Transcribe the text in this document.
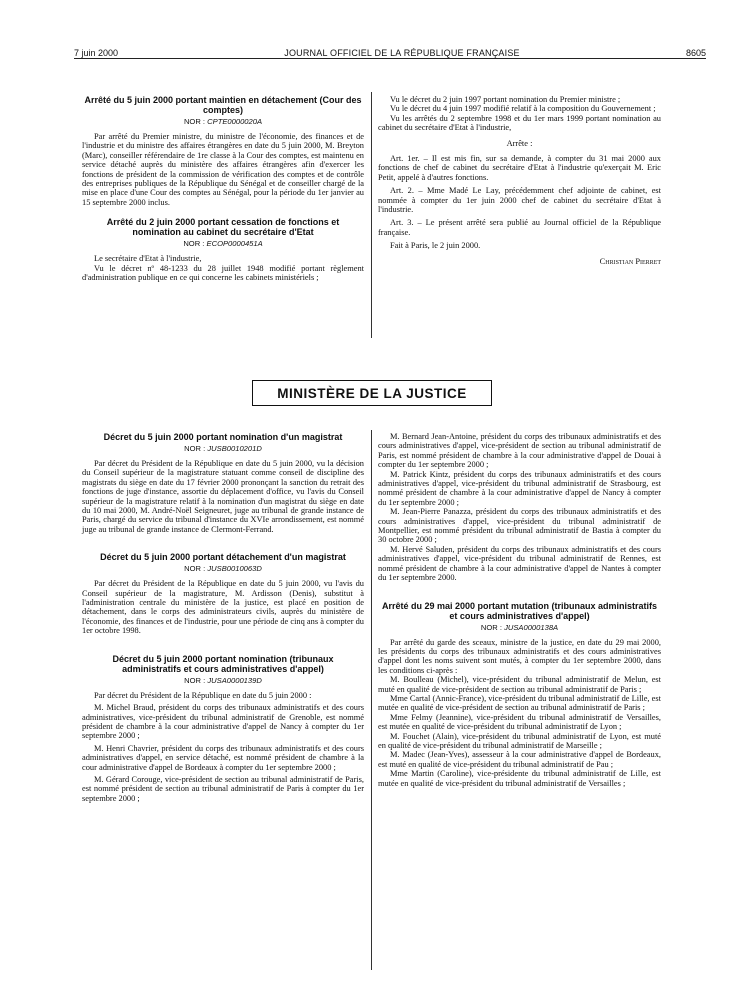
7 juin 2000	JOURNAL OFFICIEL DE LA RÉPUBLIQUE FRANÇAISE	8605
Arrêté du 5 juin 2000 portant maintien en détachement (Cour des comptes)
NOR : CPTE0000020A

Par arrêté du Premier ministre, du ministre de l'économie, des finances et de l'industrie et du ministre des affaires étrangères en date du 5 juin 2000, M. Breyton (Marc), conseiller référendaire de 1re classe à la Cour des comptes, est maintenu en service détaché auprès du ministère des affaires étrangères afin d'exercer les fonctions de président de la commission de vérification des comptes et de contrôle des entreprises publiques de la République du Sénégal et de conseiller chargé de la mise en place d'une Cour des comptes au Sénégal, pour la période du 1er janvier au 15 septembre 2000 inclus.

Arrêté du 2 juin 2000 portant cessation de fonctions et nomination au cabinet du secrétaire d'Etat
NOR : ECOP0000451A

Le secrétaire d'Etat à l'industrie,

Vu le décret nº 48-1233 du 28 juillet 1948 modifié portant règlement d'administration publique en ce qui concerne les cabinets ministériels ;

Vu le décret du 2 juin 1997 portant nomination du Premier ministre ;

Vu le décret du 4 juin 1997 modifié relatif à la composition du Gouvernement ;

Vu les arrêtés du 2 septembre 1998 et du 1er mars 1999 portant nomination au cabinet du secrétaire d'Etat à l'industrie,

Arrête :

Art. 1er. – Il est mis fin, sur sa demande, à compter du 31 mai 2000 aux fonctions de chef de cabinet du secrétaire d'Etat à l'industrie qu'exerçait M. Eric Petit, appelé à d'autres fonctions.

Art. 2. – Mme Madé Le Lay, précédemment chef adjointe de cabinet, est nommée à compter du 1er juin 2000 chef de cabinet du secrétaire d'Etat à l'industrie.

Art. 3. – Le présent arrêté sera publié au Journal officiel de la République française.

Fait à Paris, le 2 juin 2000.

Christian Pierret
MINISTÈRE DE LA JUSTICE
Décret du 5 juin 2000 portant nomination d'un magistrat
NOR : JUSB0010201D

Par décret du Président de la République en date du 5 juin 2000, vu la décision du Conseil supérieur de la magistrature statuant comme conseil de discipline des magistrats du siège en date du 17 février 2000 prononçant la sanction du retrait des fonctions de juge d'instance, assortie du déplacement d'office, vu l'avis du Conseil supérieur de la magistrature relatif à la nomination d'un magistrat du siège en date du 10 mai 2000, M. André-Noël Seigneuret, juge au tribunal de grande instance de Paris, chargé du service du tribunal d'instance du XVIe arrondissement, est nommé juge au tribunal de grande instance de Clermont-Ferrand.

Décret du 5 juin 2000 portant détachement d'un magistrat
NOR : JUSB0010063D

Par décret du Président de la République en date du 5 juin 2000, vu l'avis du Conseil supérieur de la magistrature, M. Ardisson (Denis), substitut à l'administration centrale du ministère de la justice, est placé en position de détachement, dans le corps des administrateurs civils, auprès du ministère de l'économie, des finances et de l'industrie, pour une période de cinq ans à compter du 1er octobre 1998.

Décret du 5 juin 2000 portant nomination (tribunaux administratifs et cours administratives d'appel)
NOR : JUSA0000139D

Par décret du Président de la République en date du 5 juin 2000 :

M. Michel Braud, président du corps des tribunaux administratifs et des cours administratives, vice-président du tribunal administratif de Grenoble, est nommé président de chambre à la cour administrative d'appel de Nancy à compter du 1er septembre 2000 ;

M. Henri Chavrier, président du corps des tribunaux administratifs et des cours administratives d'appel, en service détaché, est nommé président de chambre à la cour administrative d'appel de Bordeaux à compter du 1er septembre 2000 ;

M. Gérard Corouge, vice-président de section au tribunal administratif de Paris, est nommé président de section au tribunal administratif de Paris à compter du 1er septembre 2000 ;

M. Bernard Jean-Antoine, président du corps des tribunaux administratifs et des cours administratives d'appel, vice-président de section au tribunal administratif de Paris, est nommé président de chambre à la cour administrative d'appel de Douai à compter du 1er septembre 2000 ;

M. Patrick Kintz, président du corps des tribunaux administratifs et des cours administratives d'appel, vice-président du tribunal administratif de Strasbourg, est nommé président de chambre à la cour administrative d'appel de Nancy à compter du 1er septembre 2000 ;

M. Jean-Pierre Panazza, président du corps des tribunaux administratifs et des cours administratives d'appel, vice-président du tribunal administratif de Montpellier, est nommé président du tribunal administratif de Bastia à compter du 30 octobre 2000 ;

M. Hervé Saluden, président du corps des tribunaux administratifs et des cours administratives d'appel, vice-président du tribunal administratif de Rennes, est nommé président de chambre à la cour administrative d'appel de Nantes à compter du 1er septembre 2000.

Arrêté du 29 mai 2000 portant mutation (tribunaux administratifs et cours administratives d'appel)
NOR : JUSA0000138A

Par arrêté du garde des sceaux, ministre de la justice, en date du 29 mai 2000, les présidents du corps des tribunaux administratifs et des cours administratives d'appel dont les noms suivent sont mutés, à compter du 1er septembre 2000, dans les conditions ci-après :

M. Boulleau (Michel), vice-président du tribunal administratif de Melun, est muté en qualité de vice-président de section au tribunal administratif de Paris ;

Mme Cartal (Annic-France), vice-président du tribunal administratif de Lille, est mutée en qualité de vice-président de section au tribunal administratif de Paris ;

Mme Felmy (Jeannine), vice-président du tribunal administratif de Versailles, est mutée en qualité de vice-président du tribunal administratif de Lyon ;

M. Fouchet (Alain), vice-président du tribunal administratif de Lyon, est muté en qualité de vice-président du tribunal administratif de Marseille ;

M. Madec (Jean-Yves), assesseur à la cour administrative d'appel de Bordeaux, est muté en qualité de vice-président du tribunal administratif de Pau ;

Mme Martin (Caroline), vice-présidente du tribunal administratif de Lille, est mutée en qualité de vice-président du tribunal administratif de Versailles ;
